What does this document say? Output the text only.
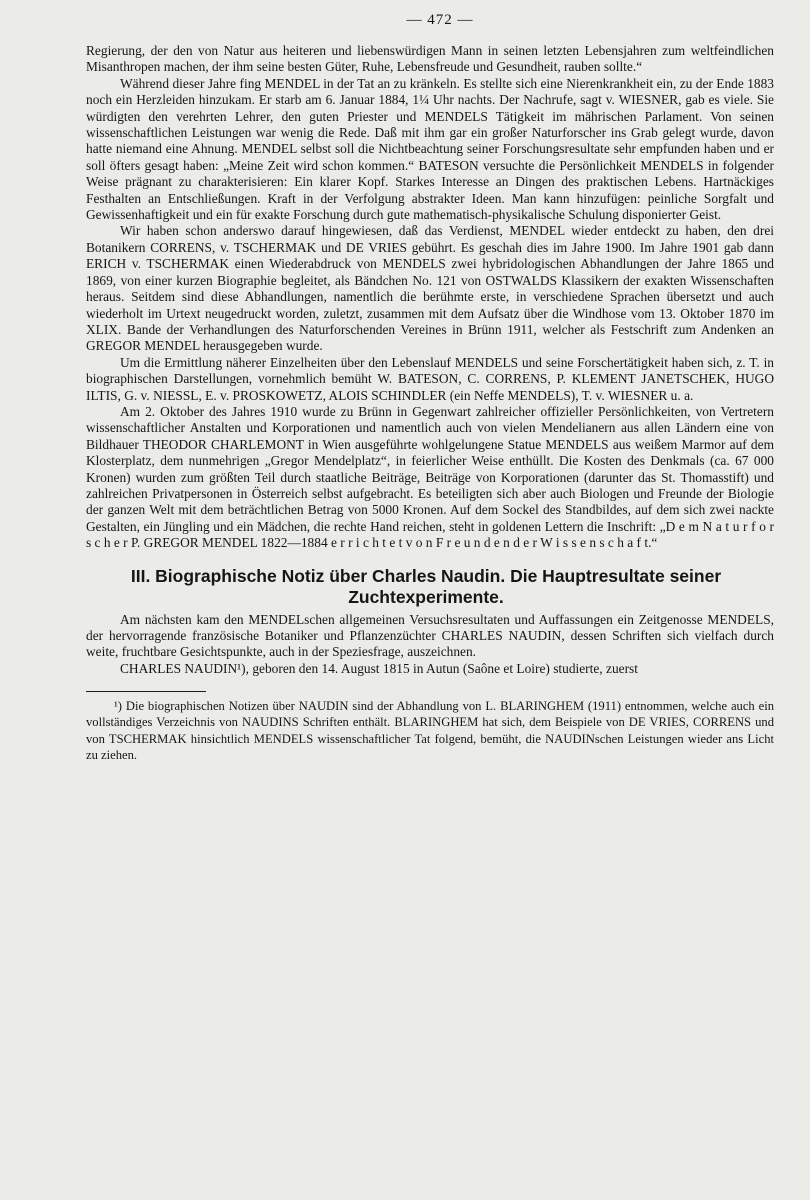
— 472 —

Regierung, der den von Natur aus heiteren und liebenswürdigen Mann in seinen letzten Lebensjahren zum weltfeindlichen Misanthropen machen, der ihm seine besten Güter, Ruhe, Lebensfreude und Gesundheit, rauben sollte.“

Während dieser Jahre fing MENDEL in der Tat an zu kränkeln. Es stellte sich eine Nierenkrankheit ein, zu der Ende 1883 noch ein Herzleiden hinzukam. Er starb am 6. Januar 1884, 1¼ Uhr nachts. Der Nachrufe, sagt v. WIESNER, gab es viele. Sie würdigten den verehrten Lehrer, den guten Priester und MENDELS Tätigkeit im mährischen Parlament. Von seinen wissenschaftlichen Leistungen war wenig die Rede. Daß mit ihm gar ein großer Naturforscher ins Grab gelegt wurde, davon hatte niemand eine Ahnung. MENDEL selbst soll die Nichtbeachtung seiner Forschungsresultate sehr empfunden haben und er soll öfters gesagt haben: „Meine Zeit wird schon kommen.“ BATESON versuchte die Persönlichkeit MENDELS in folgender Weise prägnant zu charakterisieren: Ein klarer Kopf. Starkes Interesse an Dingen des praktischen Lebens. Hartnäckiges Festhalten an Entschließungen. Kraft in der Verfolgung abstrakter Ideen. Man kann hinzufügen: peinliche Sorgfalt und Gewissenhaftigkeit und ein für exakte Forschung durch gute mathematisch-physikalische Schulung disponierter Geist.

Wir haben schon anderswo darauf hingewiesen, daß das Verdienst, MENDEL wieder entdeckt zu haben, den drei Botanikern CORRENS, v. TSCHERMAK und DE VRIES gebührt. Es geschah dies im Jahre 1900. Im Jahre 1901 gab dann ERICH v. TSCHERMAK einen Wiederabdruck von MENDELS zwei hybridologischen Abhandlungen der Jahre 1865 und 1869, von einer kurzen Biographie begleitet, als Bändchen No. 121 von OSTWALDS Klassikern der exakten Wissenschaften heraus. Seitdem sind diese Abhandlungen, namentlich die berühmte erste, in verschiedene Sprachen übersetzt und auch wiederholt im Urtext neugedruckt worden, zuletzt, zusammen mit dem Aufsatz über die Windhose vom 13. Oktober 1870 im XLIX. Bande der Verhandlungen des Naturforschenden Vereines in Brünn 1911, welcher als Festschrift zum Andenken an GREGOR MENDEL herausgegeben wurde.

Um die Ermittlung näherer Einzelheiten über den Lebenslauf MENDELS und seine Forschertätigkeit haben sich, z. T. in biographischen Darstellungen, vornehmlich bemüht W. BATESON, C. CORRENS, P. KLEMENT JANETSCHEK, HUGO ILTIS, G. v. NIESSL, E. v. PROSKOWETZ, ALOIS SCHINDLER (ein Neffe MENDELS), T. v. WIESNER u. a.

Am 2. Oktober des Jahres 1910 wurde zu Brünn in Gegenwart zahlreicher offizieller Persönlichkeiten, von Vertretern wissenschaftlicher Anstalten und Korporationen und namentlich auch von vielen Mendelianern aus allen Ländern eine von Bildhauer THEODOR CHARLEMONT in Wien ausgeführte wohlgelungene Statue MENDELS aus weißem Marmor auf dem Klosterplatz, dem nunmehrigen „Gregor Mendelplatz“, in feierlicher Weise enthüllt. Die Kosten des Denkmals (ca. 67 000 Kronen) wurden zum größten Teil durch staatliche Beiträge, Beiträge von Korporationen (darunter das St. Thomasstift) und zahlreichen Privatpersonen in Österreich selbst aufgebracht. Es beteiligten sich aber auch Biologen und Freunde der Biologie der ganzen Welt mit dem beträchtlichen Betrag von 5000 Kronen. Auf dem Sockel des Standbildes, auf dem sich zwei nackte Gestalten, ein Jüngling und ein Mädchen, die rechte Hand reichen, steht in goldenen Lettern die Inschrift: „D e m N a t u r f o r s c h e r P. GREGOR MENDEL 1822—1884 e r r i c h t e t v o n F r e u n d e n d e r W i s s e n s c h a f t.“

III. Biographische Notiz über Charles Naudin. Die Hauptresultate seiner Zuchtexperimente.

Am nächsten kam den MENDELschen allgemeinen Versuchsresultaten und Auffassungen ein Zeitgenosse MENDELS, der hervorragende französische Botaniker und Pflanzenzüchter CHARLES NAUDIN, dessen Schriften sich vielfach durch weite, fruchtbare Gesichtspunkte, auch in der Speziesfrage, auszeichnen.

CHARLES NAUDIN¹), geboren den 14. August 1815 in Autun (Saône et Loire) studierte, zuerst

¹) Die biographischen Notizen über NAUDIN sind der Abhandlung von L. BLARINGHEM (1911) entnommen, welche auch ein vollständiges Verzeichnis von NAUDINS Schriften enthält. BLARINGHEM hat sich, dem Beispiele von DE VRIES, CORRENS und von TSCHERMAK hinsichtlich MENDELS wissenschaftlicher Tat folgend, bemüht, die NAUDINschen Leistungen wieder ans Licht zu ziehen.
